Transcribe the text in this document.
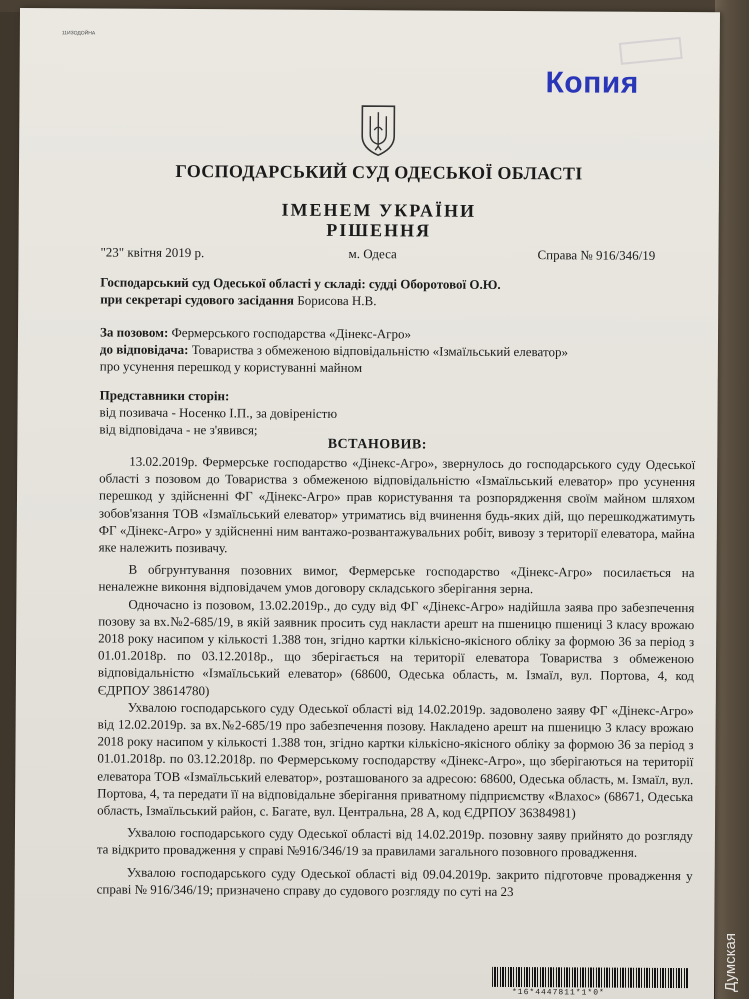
11ИЗОДОЙНА
Копия
ГОСПОДАРСЬКИЙ СУД ОДЕСЬКОЇ ОБЛАСТІ
ІМЕНЕМ УКРАЇНИ
РІШЕННЯ
"23" квітня 2019 р.	м. Одеса	Справа № 916/346/19
Господарський суд Одеської області у складі: судді Оборотової О.Ю.
при секретарі судового засідання Борисова Н.В.
За позовом: Фермерського господарства «Дінекс-Агро»
до відповідача: Товариства з обмеженою відповідальністю «Ізмаїльський елеватор»
про усунення перешкод у користуванні майном
Представники сторін:
від позивача - Носенко І.П., за довіреністю
від відповідача - не з'явився;
ВСТАНОВИВ:

13.02.2019р. Фермерське господарство «Дінекс-Агро», звернулось до господарського суду Одеської області з позовом до Товариства з обмеженою відповідальністю «Ізмаїльський елеватор» про усунення перешкод у здійсненні ФГ «Дінекс-Агро» прав користування та розпорядження своїм майном шляхом зобов'язання ТОВ «Ізмаїльський елеватор» утриматись від вчинення будь-яких дій, що перешкоджатимуть ФГ «Дінекс-Агро» у здійсненні ним вантажо-розвантажувальних робіт, вивозу з території елеватора, майна яке належить позивачу.

В обгрунтування позовних вимог, Фермерське господарство «Дінекс-Агро» посилається на неналежне виконня відповідачем умов договору складського зберігання зерна.

Одночасно із позовом, 13.02.2019р., до суду від ФГ «Дінекс-Агро» надійшла заява про забезпечення позову за вх.№2-685/19, в якій заявник просить суд накласти арешт на пшеницю пшениці 3 класу врожаю 2018 року насипом у кількості 1.388 тон, згідно картки кількісно-якісного обліку за формою 36 за період з 01.01.2018р. по 03.12.2018р., що зберігається на території елеватора Товариства з обмеженою відповідальністю «Ізмаїльський елеватор» (68600, Одеська область, м. Ізмаїл, вул. Портова, 4, код ЄДРПОУ 38614780)

Ухвалою господарського суду Одеської області від 14.02.2019р. задоволено заяву ФГ «Дінекс-Агро» від 12.02.2019р. за вх.№2-685/19 про забезпечення позову. Накладено арешт на пшеницю 3 класу врожаю 2018 року насипом у кількості 1.388 тон, згідно картки кількісно-якісного обліку за формою 36 за період з 01.01.2018р. по 03.12.2018р. по Фермерському господарству «Дінекс-Агро», що зберігаються на території елеватора ТОВ «Ізмаїльський елеватор», розташованого за адресою: 68600, Одеська область, м. Ізмаїл, вул. Портова, 4, та передати її на відповідальне зберігання приватному підприємству «Влахос» (68671, Одеська область, Ізмаїльський район, с. Багате, вул. Центральна, 28 А, код ЄДРПОУ 36384981)

Ухвалою господарського суду Одеської області від 14.02.2019р. позовну заяву прийнято до розгляду та відкрито провадження у справі №916/346/19 за правилами загального позовного провадження.

Ухвалою господарського суду Одеської області від 09.04.2019р. закрито підготовче провадження у справі № 916/346/19; призначено справу до судового розгляду по суті на 23

*16*4447811*1*0*
Думская
